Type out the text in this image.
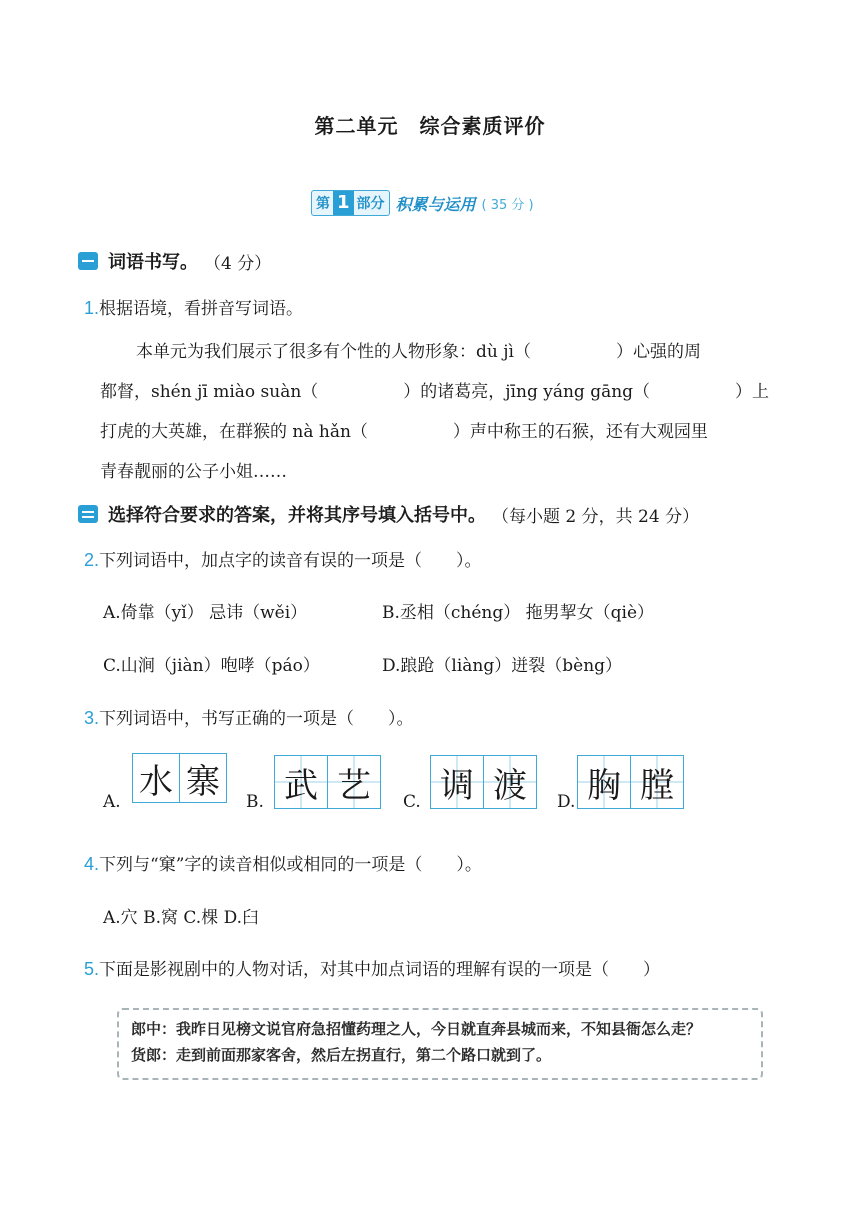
第二单元　综合素质评价
第 1 部分 积累与运用 ( 35 分 )
词语书写。 （4 分）
1.根据语境，看拼音写词语。
本单元为我们展示了很多有个性的人物形象：dù jì（　　　　　）心强的周
都督，shén jī miào suàn（　　　　　）的诸葛亮，jīng yáng gāng（　　　　　）上
打虎的大英雄，在群猴的 nà hǎn（　　　　　）声中称王的石猴，还有大观园里
青春靓丽的公子小姐……
选择符合要求的答案，并将其序号填入括号中。 （每小题 2 分，共 24 分）
2.下列词语中，加点字的读音有误的一项是（　　）。
A.倚靠（yǐ） 忌讳（wěi）	B.丞相（chéng） 拖男挈女（qiè）
C.山涧（jiàn）咆哮（páo）	D.踉跄（liàng）迸裂（bèng）
3.下列词语中，书写正确的一项是（　　）。
A.
水 寨
B. 武 艺	C. 调 渡	D. 胸 膛
4.下列与“窠”字的读音相似或相同的一项是（　　）。
A.穴 B.窝 C.棵 D.臼
5.下面是影视剧中的人物对话，对其中加点词语的理解有误的一项是（　　）
郎中：我昨日见榜文说官府急招懂药理之人，今日就直奔县城而来，不知县衙怎么走？
货郎：走到前面那家客舍，然后左拐直行，第二个路口就到了。
